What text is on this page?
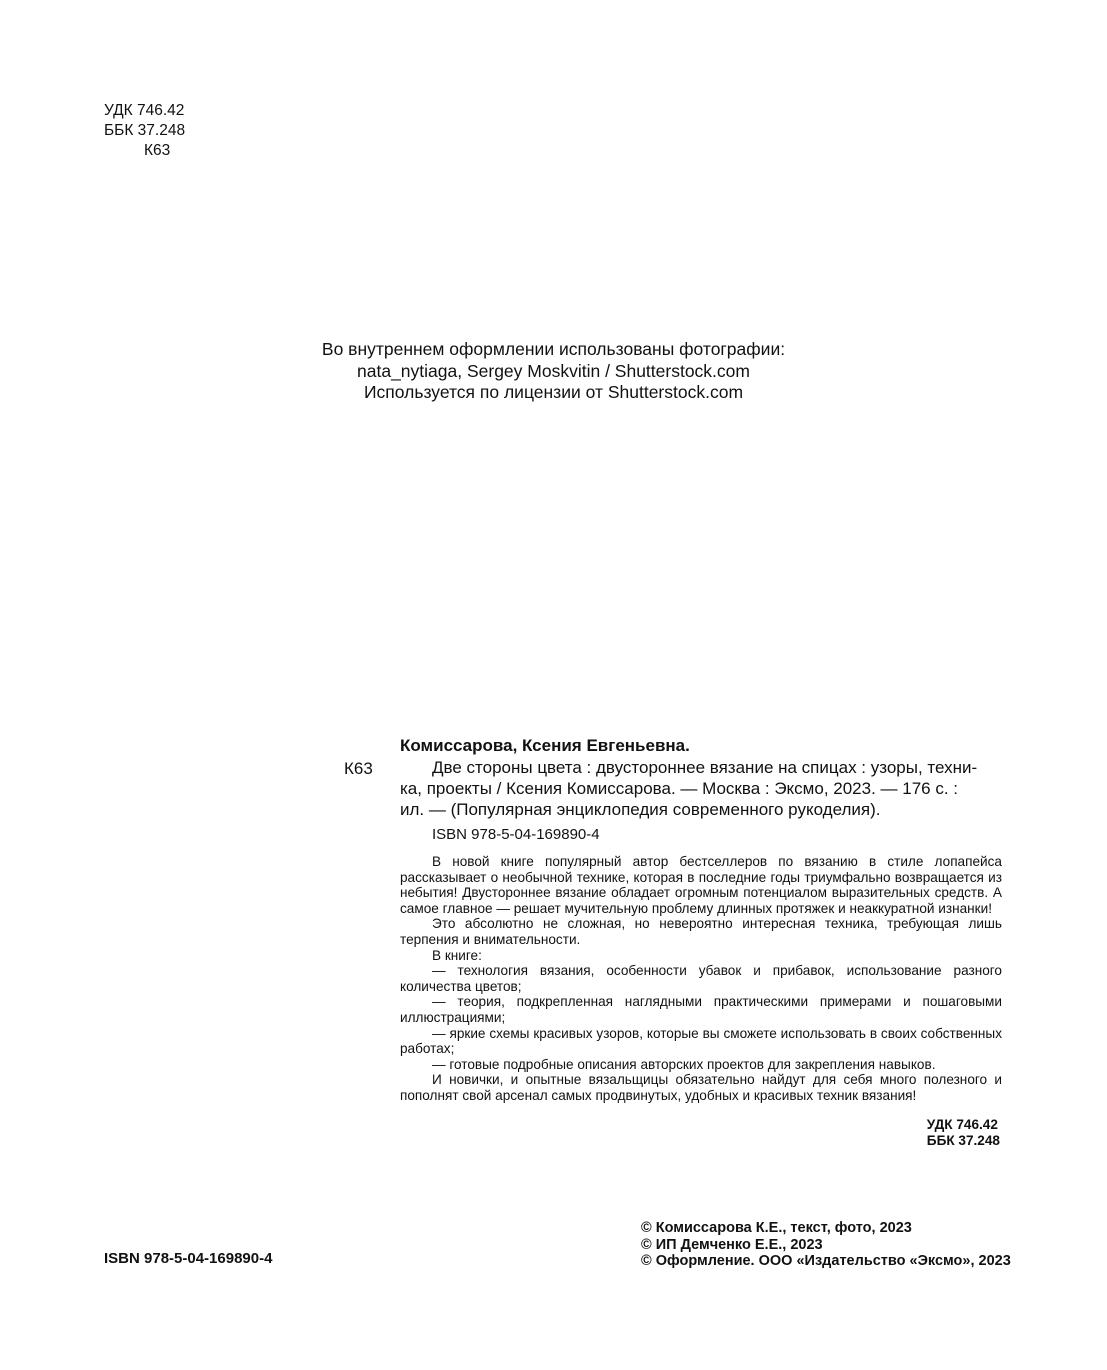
УДК 746.42
ББК 37.248
К63
Во внутреннем оформлении использованы фотографии:
nata_nytiaga, Sergey Moskvitin / Shutterstock.com
Используется по лицензии от Shutterstock.com
Комиссарова, Ксения Евгеньевна.
К63	Две стороны цвета : двустороннее вязание на спицах : узоры, техни-
ка, проекты / Ксения Комиссарова. — Москва : Эксмо, 2023. — 176 с. :
ил. — (Популярная энциклопедия современного рукоделия).
ISBN 978-5-04-169890-4

В новой книге популярный автор бестселлеров по вязанию в стиле лопапейса рассказывает о необычной технике, которая в последние годы триумфально возвращается из небытия! Двустороннее вязание обладает огромным потенциалом выразительных средств. А самое главное — решает мучительную проблему длинных протяжек и неаккуратной изнанки!

Это абсолютно не сложная, но невероятно интересная техника, требующая лишь терпения и внимательности.

В книге:

— технология вязания, особенности убавок и прибавок, использование разного количества цветов;

— теория, подкрепленная наглядными практическими примерами и пошаговыми иллюстрациями;

— яркие схемы красивых узоров, которые вы сможете использовать в своих собственных работах;

— готовые подробные описания авторских проектов для закрепления навыков.

И новички, и опытные вязальщицы обязательно найдут для себя много полезного и пополнят свой арсенал самых продвинутых, удобных и красивых техник вязания!

УДК 746.42
ББК 37.248
ISBN 978-5-04-169890-4
© Комиссарова К.Е., текст, фото, 2023
© ИП Демченко Е.Е., 2023
© Оформление. ООО «Издательство «Эксмо», 2023
